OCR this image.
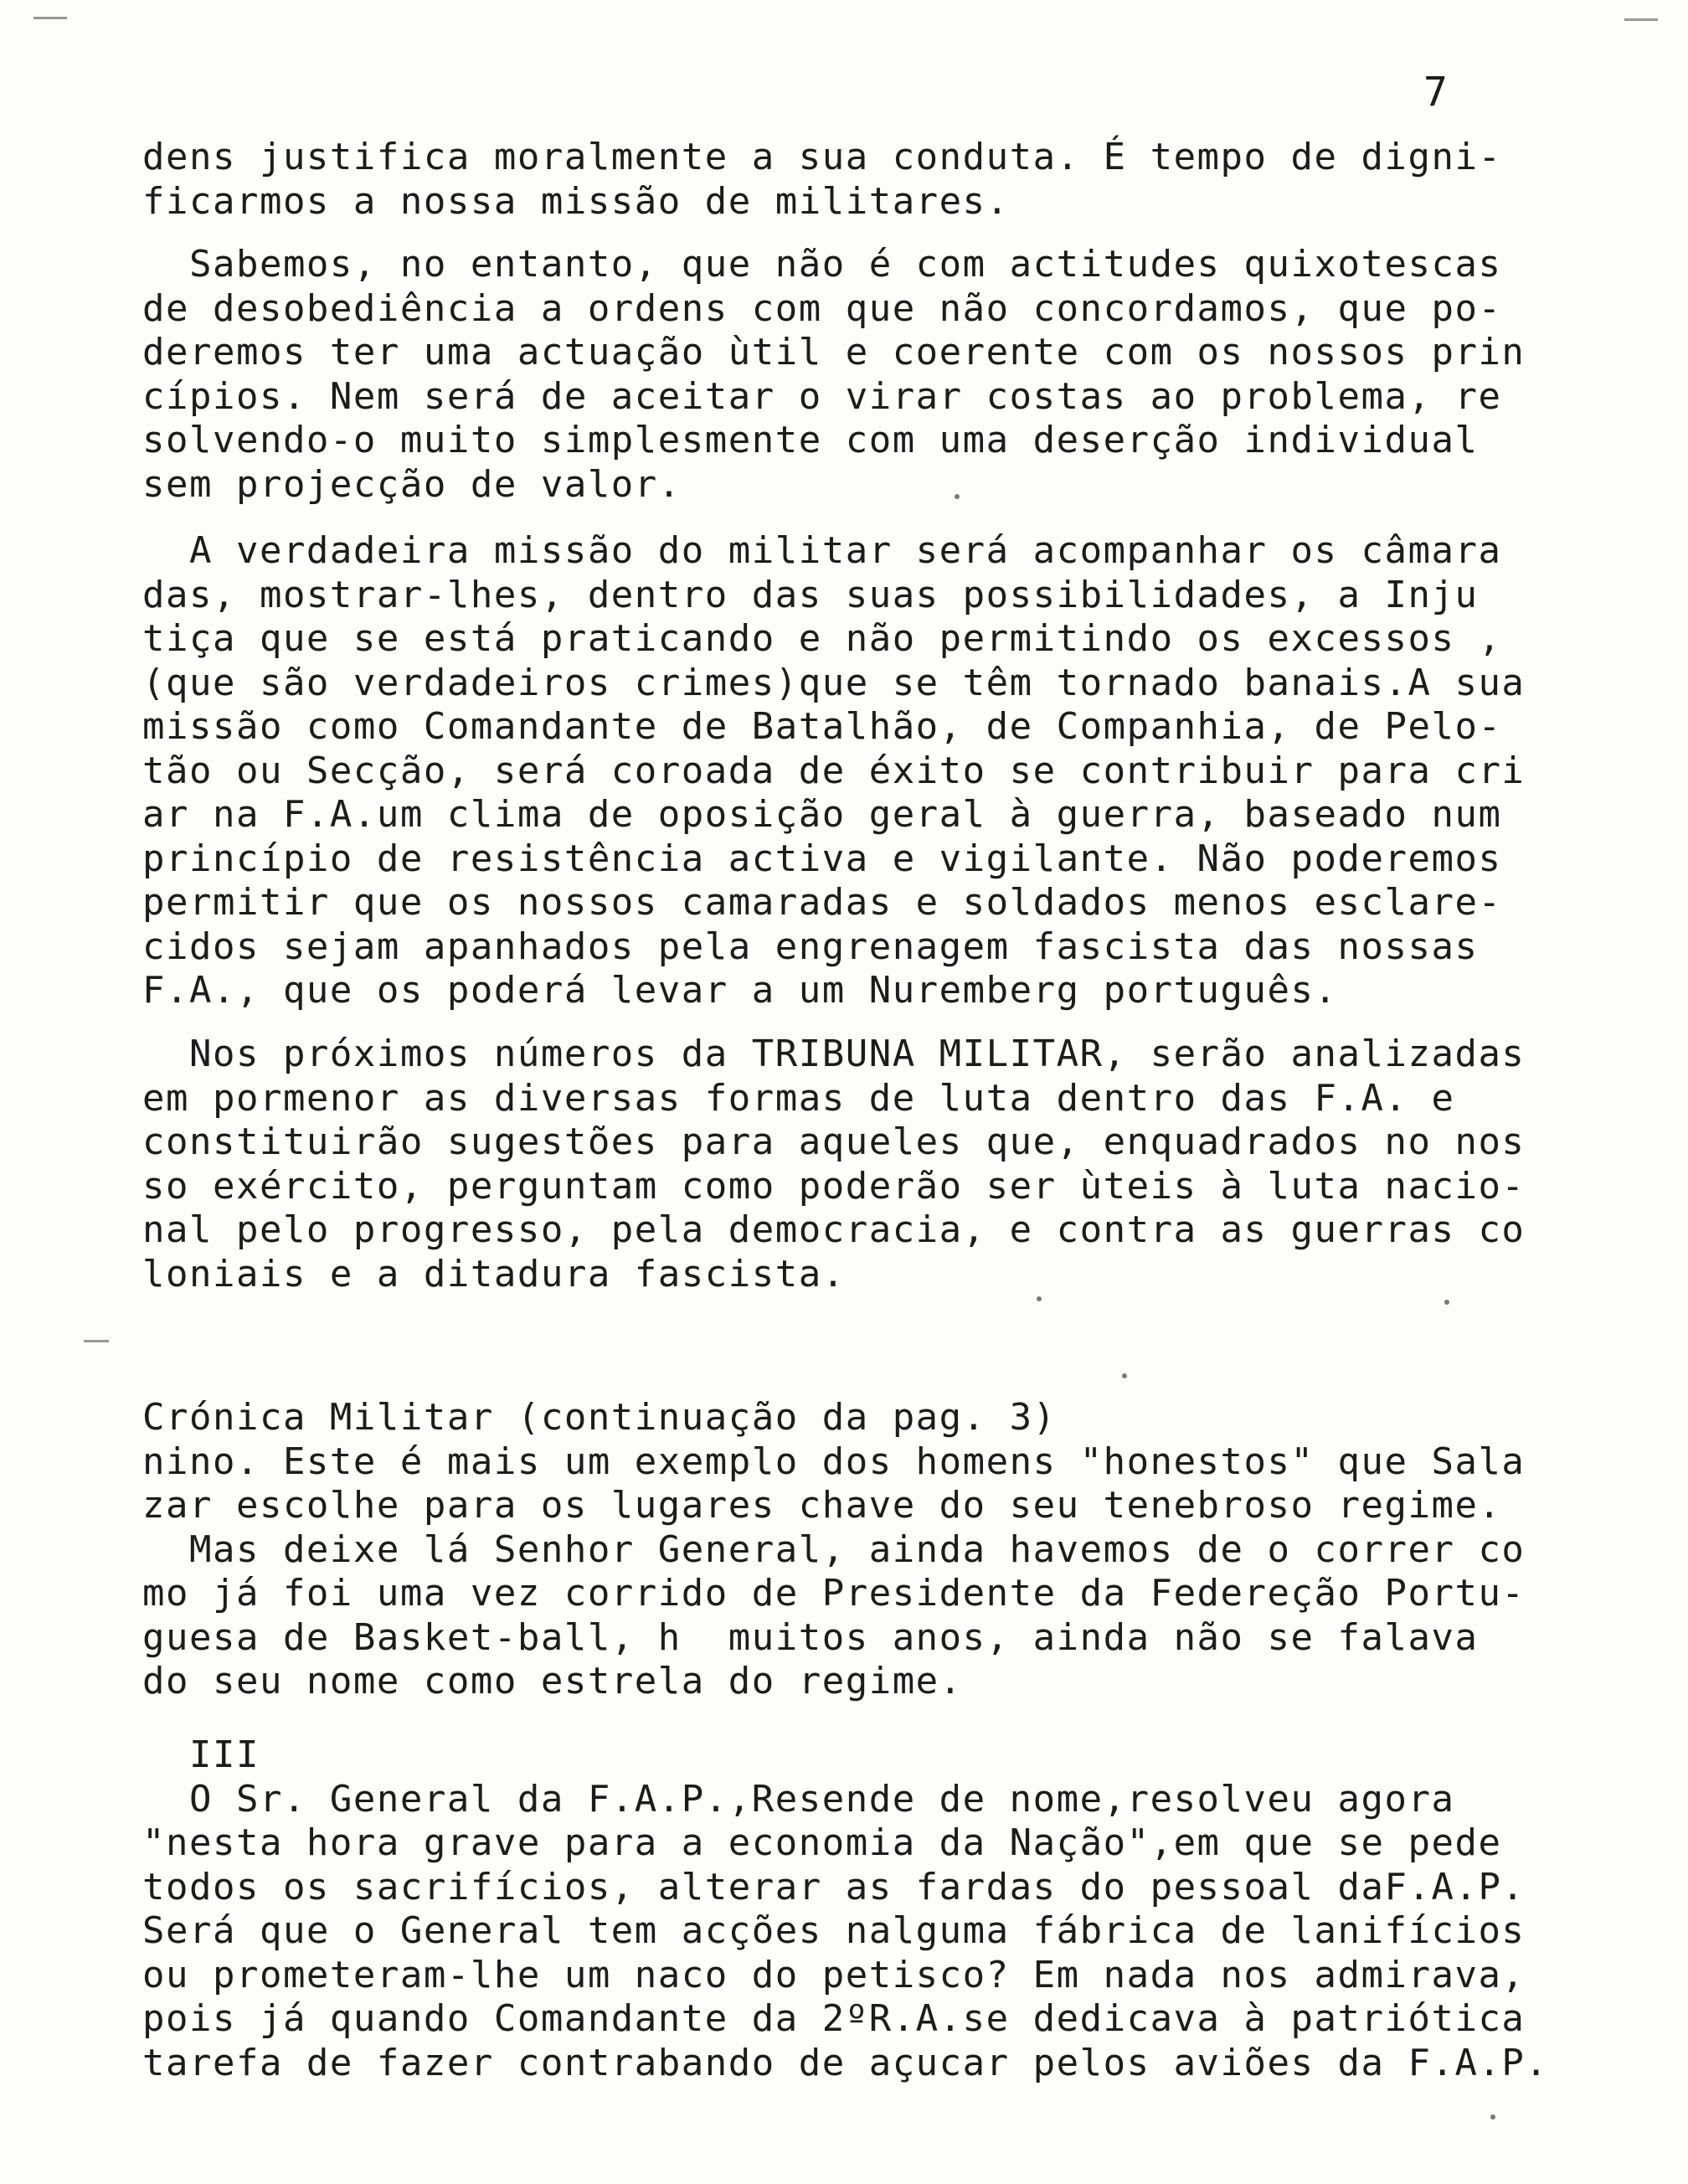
7

dens justifica moralmente a sua conduta. É tempo de digni-
ficarmos a nossa missão de militares.
Sabemos, no entanto, que não é com actitudes quixotescas
de desobediência a ordens com que não concordamos, que po-
deremos ter uma actuação ùtil e coerente com os nossos prin
cípios. Nem será de aceitar o virar costas ao problema, re
solvendo-o muito simplesmente com uma deserção individual
sem projecção de valor.
A verdadeira missão do militar será acompanhar os câmara
das, mostrar-lhes, dentro das suas possibilidades, a Inju
tiça que se está praticando e não permitindo os excessos ,
(que são verdadeiros crimes)que se têm tornado banais.A sua
missão como Comandante de Batalhão, de Companhia, de Pelo-
tão ou Secção, será coroada de éxito se contribuir para cri
ar na F.A.um clima de oposição geral à guerra, baseado num
princípio de resistência activa e vigilante. Não poderemos
permitir que os nossos camaradas e soldados menos esclare-
cidos sejam apanhados pela engrenagem fascista das nossas
F.A., que os poderá levar a um Nuremberg português.
Nos próximos números da TRIBUNA MILITAR, serão analizadas
em pormenor as diversas formas de luta dentro das F.A. e
constituirão sugestões para aqueles que, enquadrados no nos
so exército, perguntam como poderão ser ùteis à luta nacio-
nal pelo progresso, pela democracia, e contra as guerras co
loniais e a ditadura fascista.
Crónica Militar (continuação da pag. 3)
nino. Este é mais um exemplo dos homens "honestos" que Sala
zar escolhe para os lugares chave do seu tenebroso regime.
Mas deixe lá Senhor General, ainda havemos de o correr co
mo já foi uma vez corrido de Presidente da Federeção Portu-
guesa de Basket-ball, h  muitos anos, ainda não se falava
do seu nome como estrela do regime.
III
O Sr. General da F.A.P.,Resende de nome,resolveu agora
"nesta hora grave para a economia da Nação",em que se pede
todos os sacrifícios, alterar as fardas do pessoal daF.A.P.
Será que o General tem acções nalguma fábrica de lanifícios
ou prometeram-lhe um naco do petisco? Em nada nos admirava,
pois já quando Comandante da 2ºR.A.se dedicava à patriótica
tarefa de fazer contrabando de açucar pelos aviões da F.A.P.
